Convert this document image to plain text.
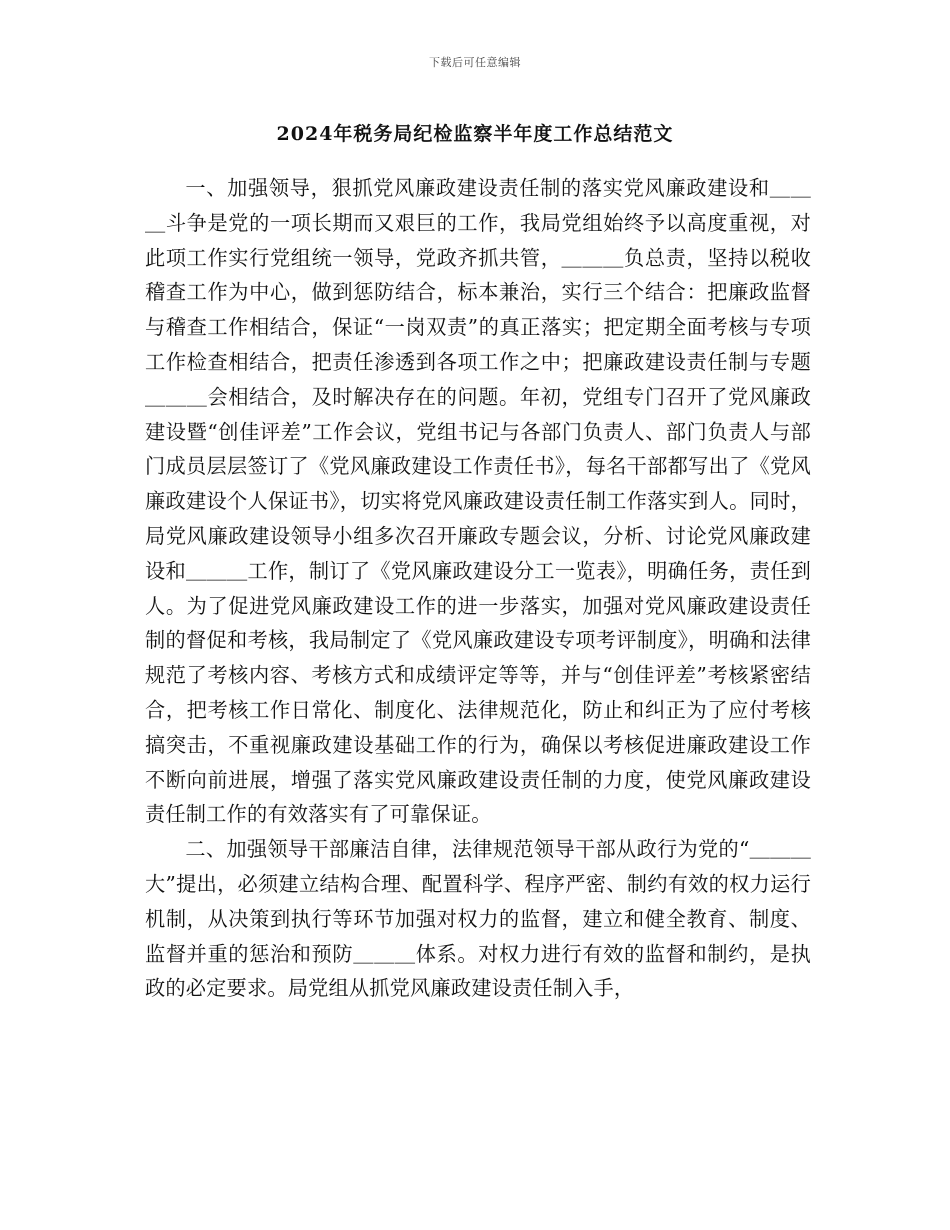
下载后可任意编辑
2024年税务局纪检监察半年度工作总结范文

一、加强领导，狠抓党风廉政建设责任制的落实党风廉政建设和＿＿＿斗争是党的一项长期而又艰巨的工作，我局党组始终予以高度重视，对此项工作实行党组统一领导，党政齐抓共管，＿＿＿负总责，坚持以税收稽查工作为中心，做到惩防结合，标本兼治，实行三个结合：把廉政监督与稽查工作相结合，保证“一岗双责”的真正落实；把定期全面考核与专项工作检查相结合，把责任渗透到各项工作之中；把廉政建设责任制与专题＿＿＿会相结合，及时解决存在的问题。年初，党组专门召开了党风廉政建设暨“创佳评差”工作会议，党组书记与各部门负责人、部门负责人与部门成员层层签订了《党风廉政建设工作责任书》，每名干部都写出了《党风廉政建设个人保证书》，切实将党风廉政建设责任制工作落实到人。同时，局党风廉政建设领导小组多次召开廉政专题会议，分析、讨论党风廉政建设和＿＿＿工作，制订了《党风廉政建设分工一览表》，明确任务，责任到人。为了促进党风廉政建设工作的进一步落实，加强对党风廉政建设责任制的督促和考核，我局制定了《党风廉政建设专项考评制度》，明确和法律规范了考核内容、考核方式和成绩评定等等，并与“创佳评差”考核紧密结合，把考核工作日常化、制度化、法律规范化，防止和纠正为了应付考核搞突击，不重视廉政建设基础工作的行为，确保以考核促进廉政建设工作不断向前进展，增强了落实党风廉政建设责任制的力度，使党风廉政建设责任制工作的有效落实有了可靠保证。

二、加强领导干部廉洁自律，法律规范领导干部从政行为党的“＿＿＿大”提出，必须建立结构合理、配置科学、程序严密、制约有效的权力运行机制，从决策到执行等环节加强对权力的监督，建立和健全教育、制度、监督并重的惩治和预防＿＿＿体系。对权力进行有效的监督和制约，是执政的必定要求。局党组从抓党风廉政建设责任制入手，
